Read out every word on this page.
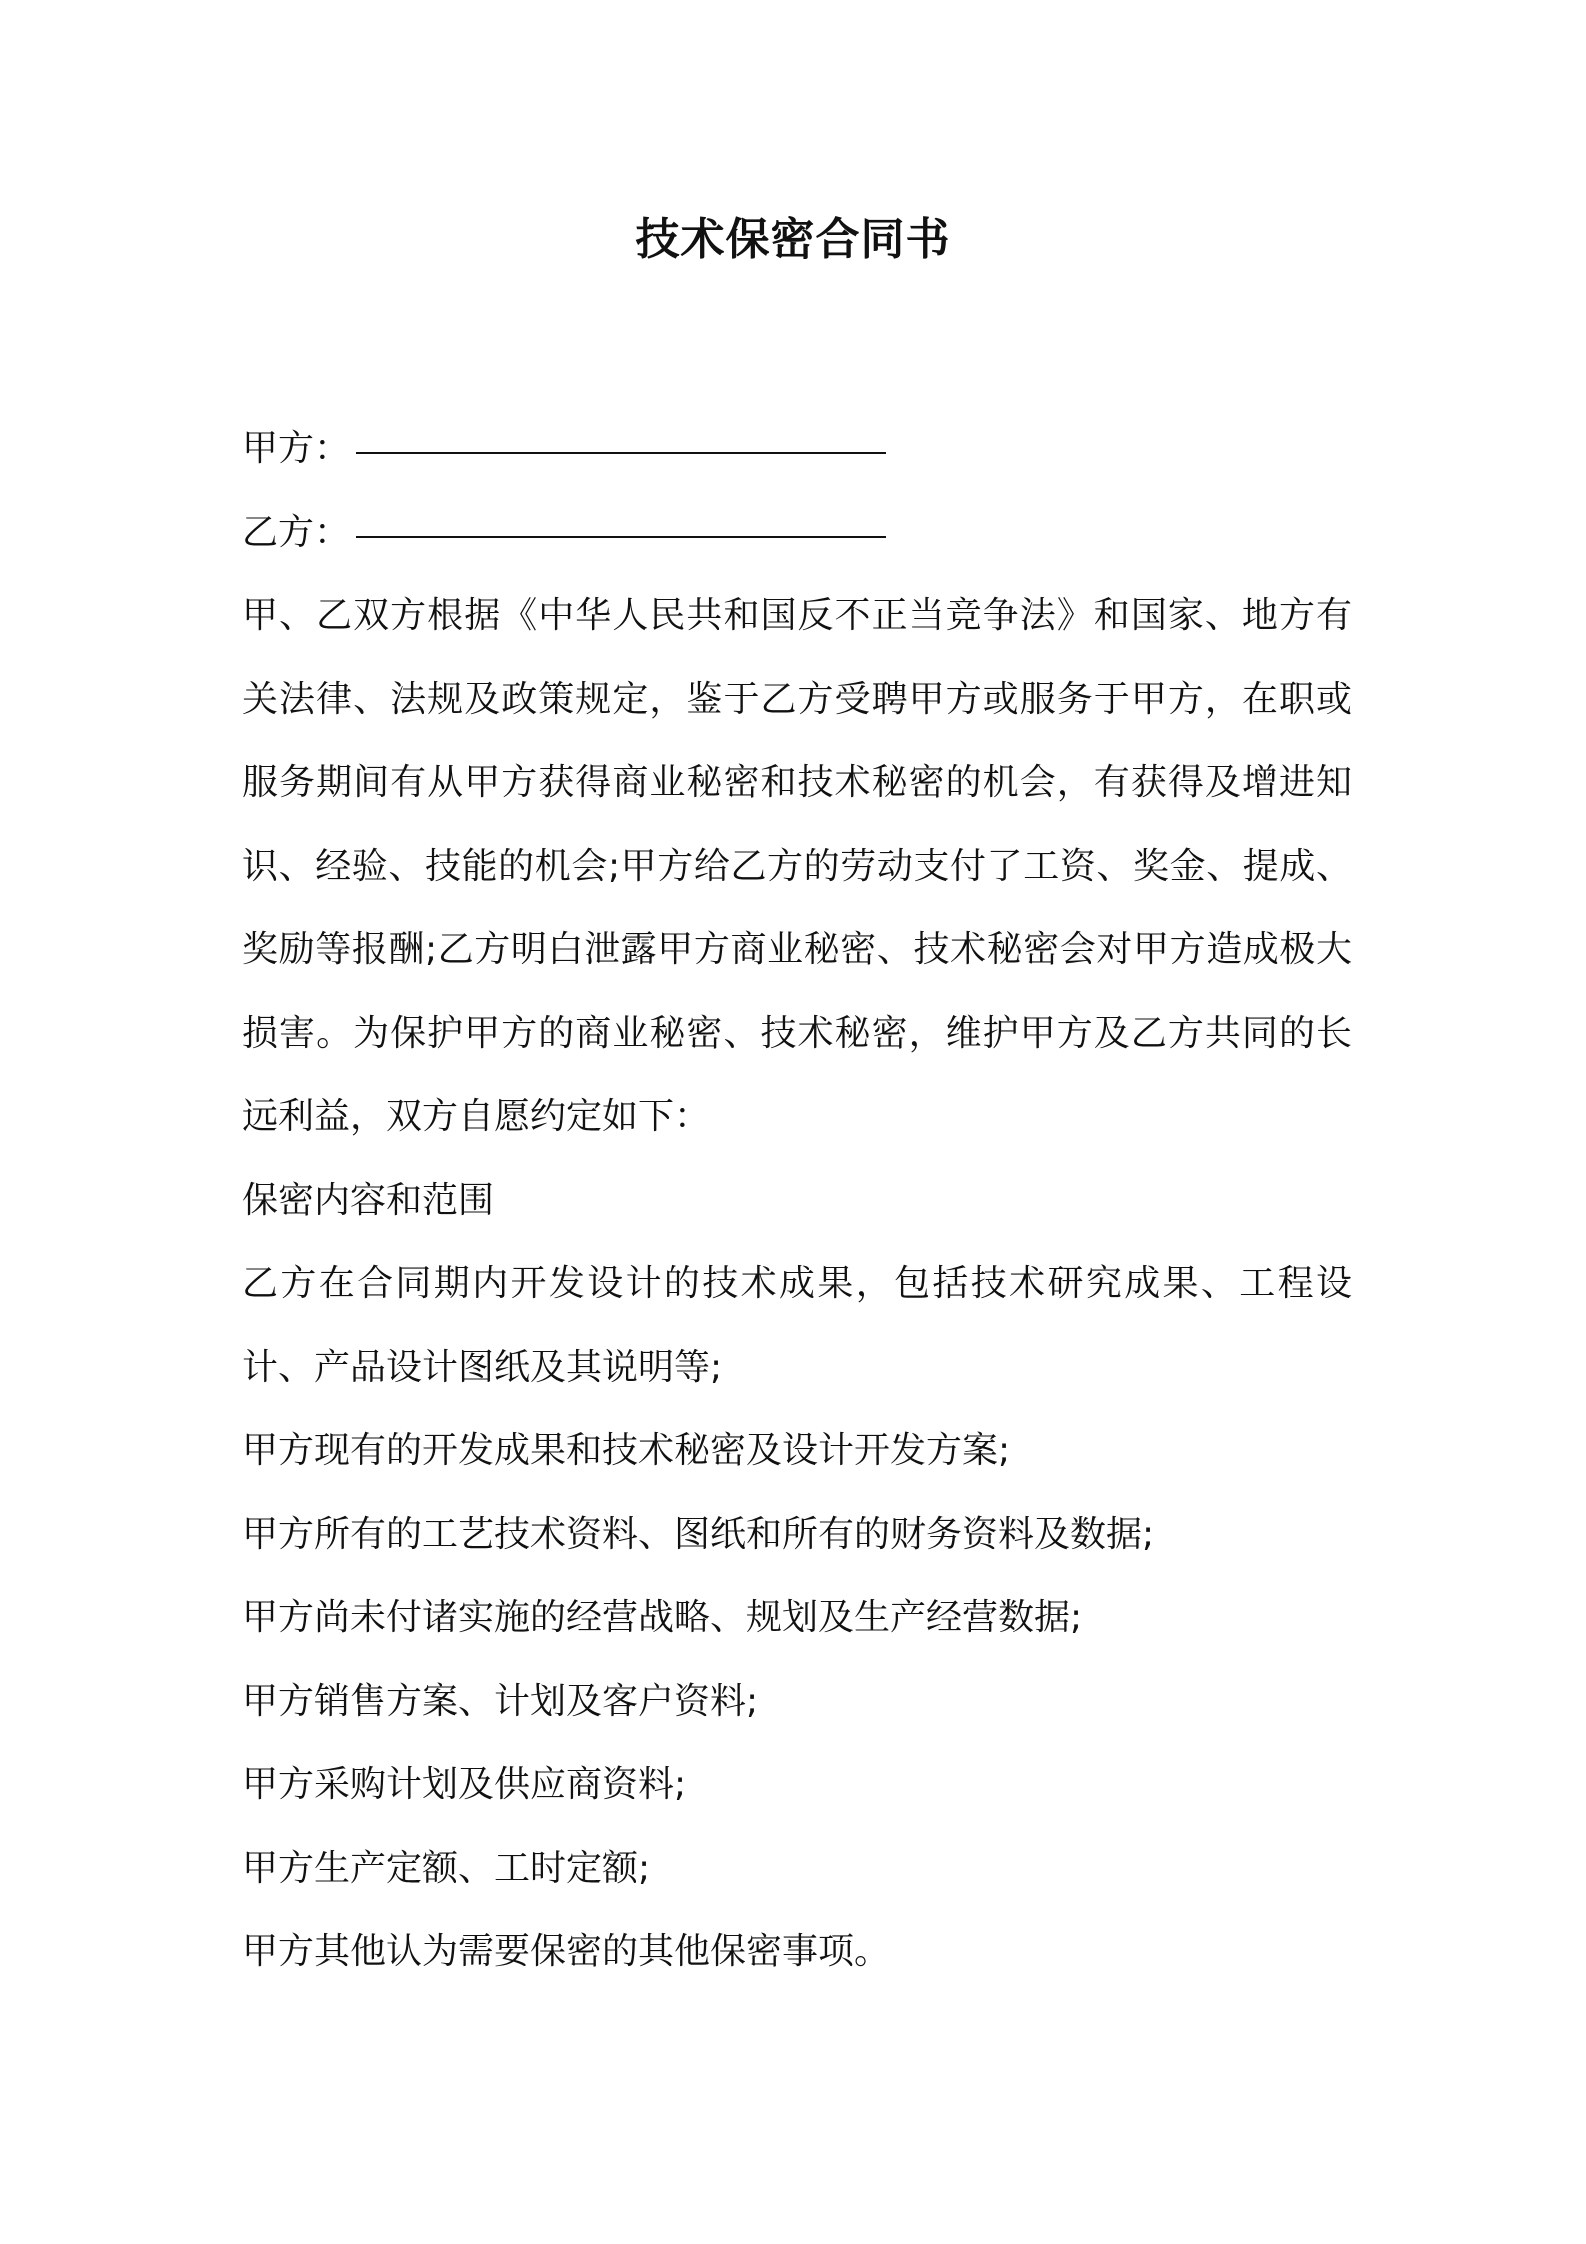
技术保密合同书
甲方：
乙方：

甲、乙双方根据《中华人民共和国反不正当竞争法》和国家、地方有关法律、法规及政策规定，鉴于乙方受聘甲方或服务于甲方，在职或服务期间有从甲方获得商业秘密和技术秘密的机会，有获得及增进知识、经验、技能的机会;甲方给乙方的劳动支付了工资、奖金、提成、奖励等报酬;乙方明白泄露甲方商业秘密、技术秘密会对甲方造成极大损害。为保护甲方的商业秘密、技术秘密，维护甲方及乙方共同的长远利益，双方自愿约定如下：

保密内容和范围

乙方在合同期内开发设计的技术成果，包括技术研究成果、工程设计、产品设计图纸及其说明等;

甲方现有的开发成果和技术秘密及设计开发方案;

甲方所有的工艺技术资料、图纸和所有的财务资料及数据;

甲方尚未付诸实施的经营战略、规划及生产经营数据;

甲方销售方案、计划及客户资料;

甲方采购计划及供应商资料;

甲方生产定额、工时定额;

甲方其他认为需要保密的其他保密事项。
